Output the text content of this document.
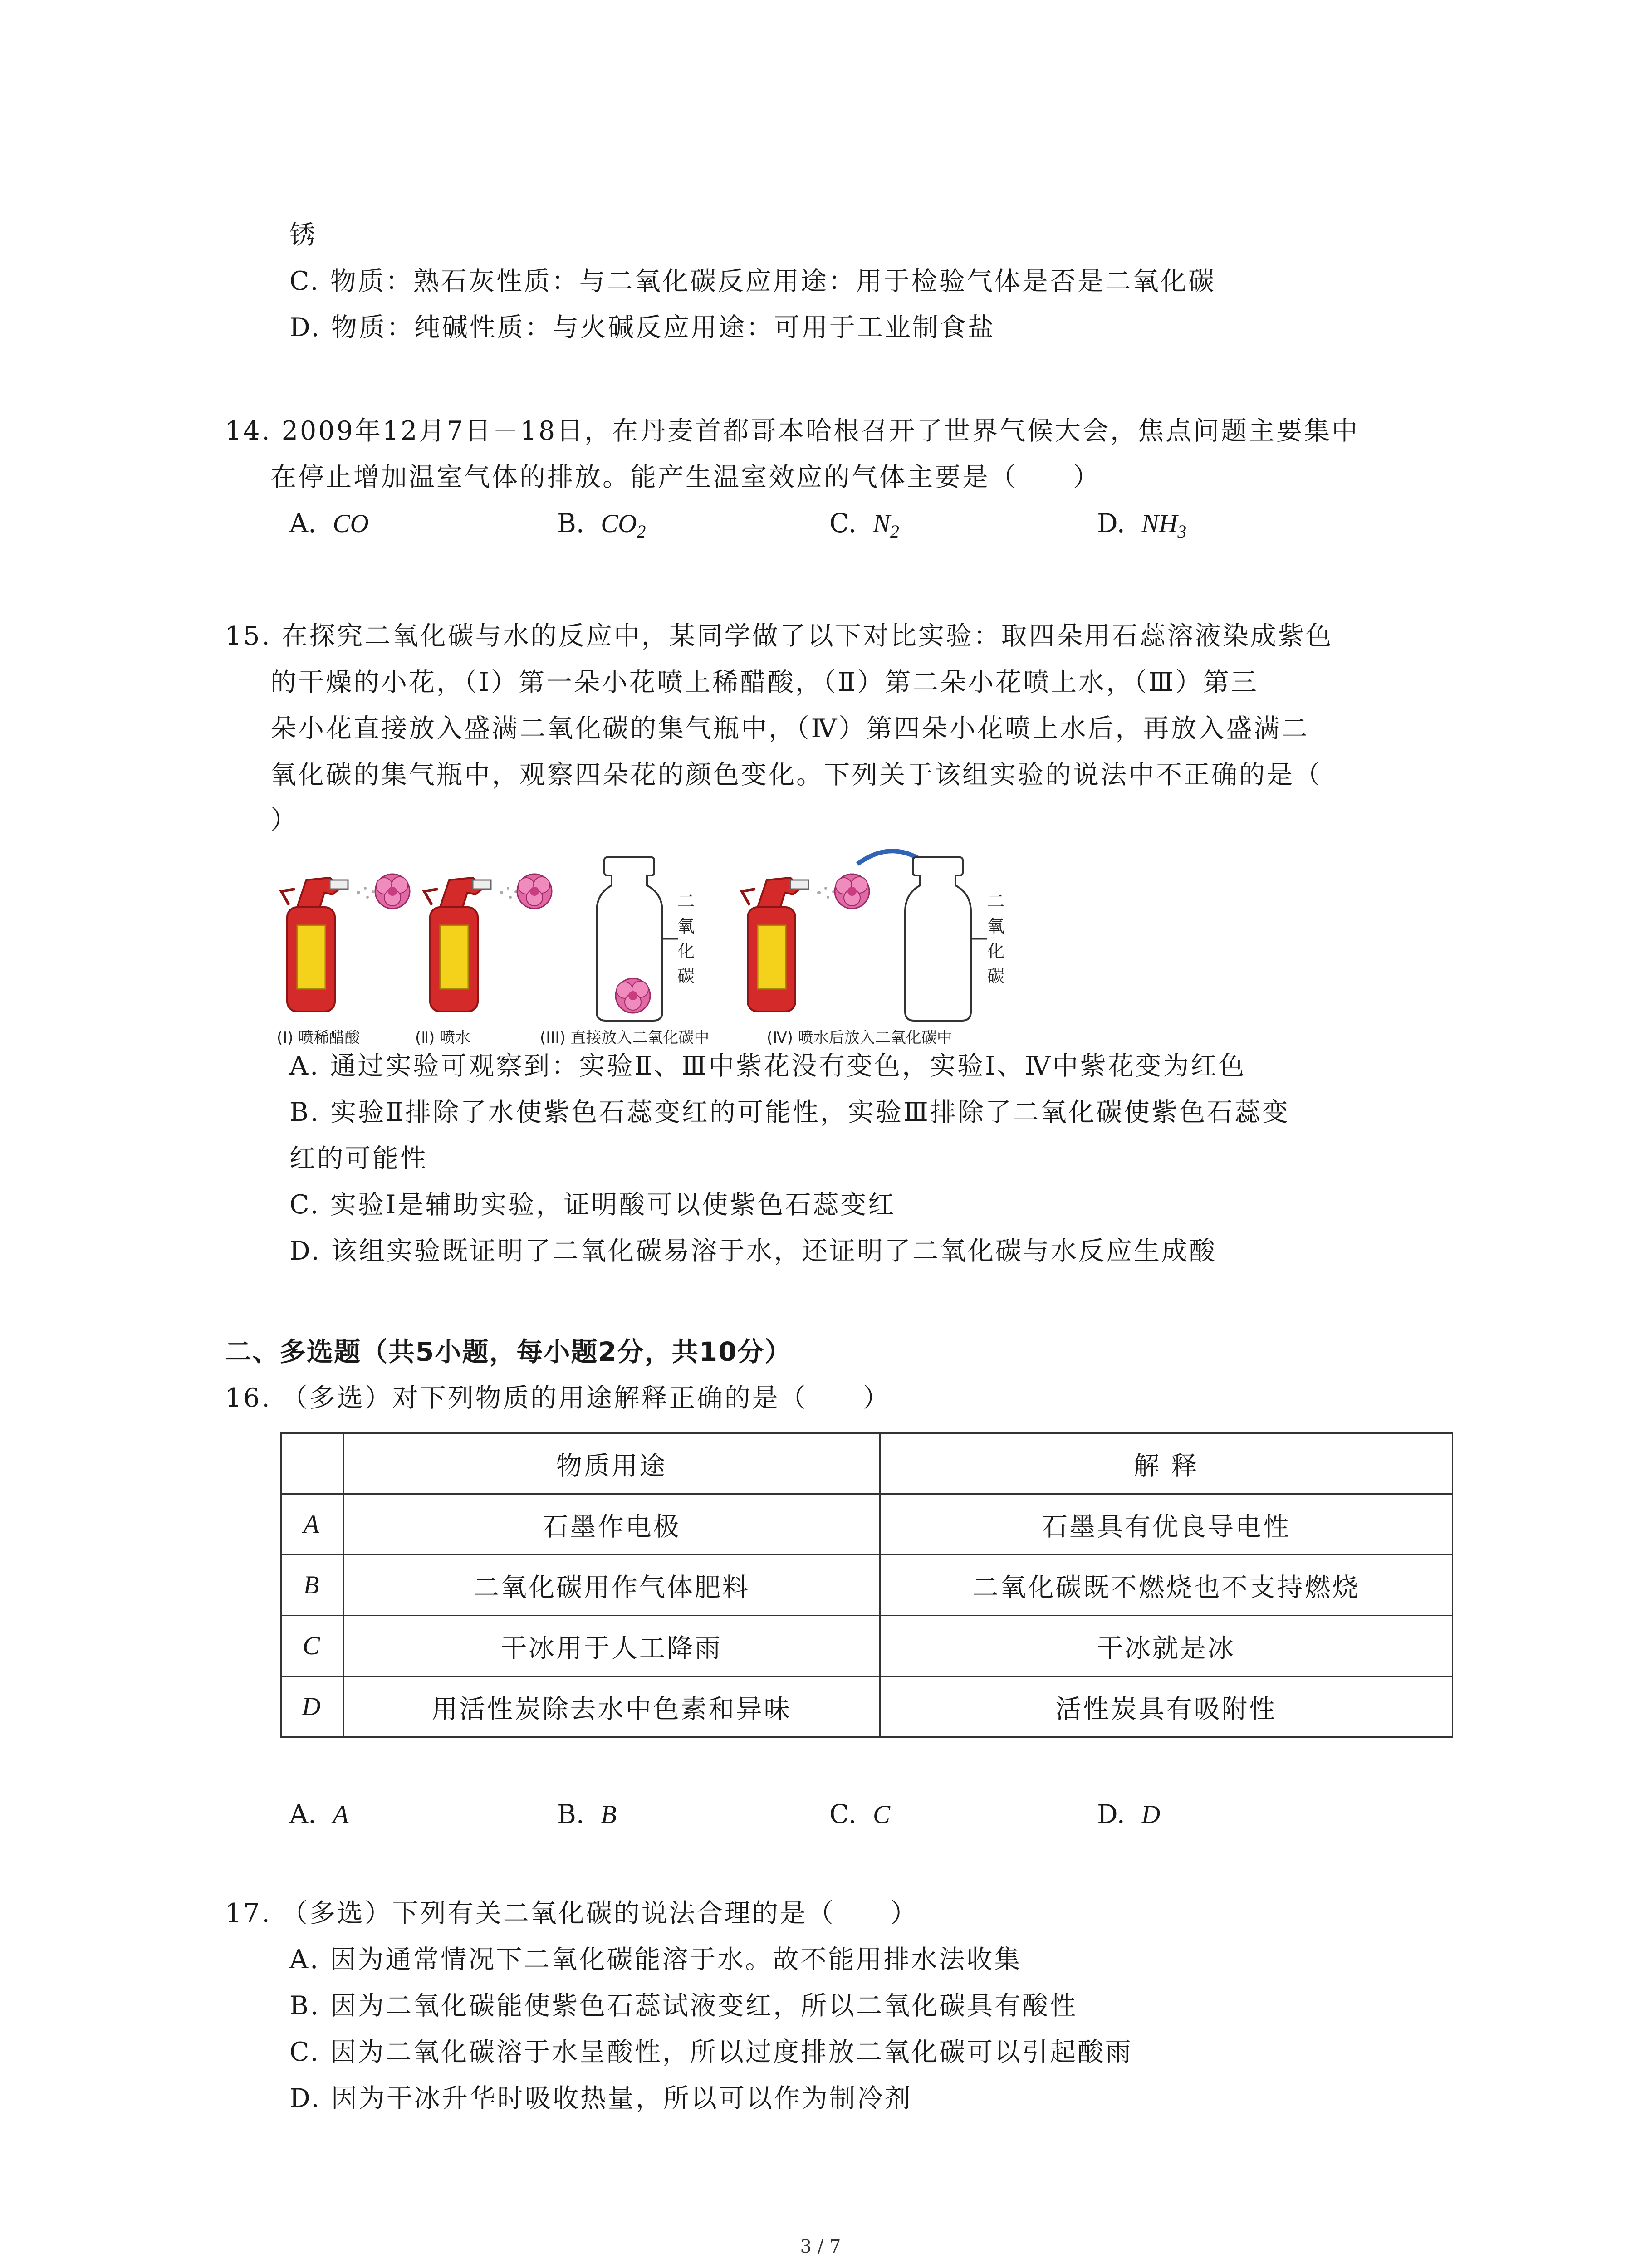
锈
C. 物质：熟石灰性质：与二氧化碳反应用途：用于检验气体是否是二氧化碳
D. 物质：纯碱性质：与火碱反应用途：可用于工业制食盐
14. 2009年12月7日－18日，在丹麦首都哥本哈根召开了世界气候大会，焦点问题主要集中
在停止增加温室气体的排放。能产生温室效应的气体主要是（　　）
A. CO	B. $CO_2$	C. $N_2$	D. $NH_3$
15. 在探究二氧化碳与水的反应中，某同学做了以下对比实验：取四朵用石蕊溶液染成紫色
的干燥的小花，（Ⅰ）第一朵小花喷上稀醋酸，（Ⅱ）第二朵小花喷上水，（Ⅲ）第三
朵小花直接放入盛满二氧化碳的集气瓶中，（Ⅳ）第四朵小花喷上水后，再放入盛满二
氧化碳的集气瓶中，观察四朵花的颜色变化。下列关于该组实验的说法中不正确的是（
）
二
氧
化
碳
二
氧
化
碳
(I) 喷稀醋酸	(Ⅱ) 喷水	(III) 直接放入二氧化碳中	(Ⅳ) 喷水后放入二氧化碳中
A. 通过实验可观察到：实验Ⅱ、Ⅲ中紫花没有变色，实验Ⅰ、Ⅳ中紫花变为红色
B. 实验Ⅱ排除了水使紫色石蕊变红的可能性，实验Ⅲ排除了二氧化碳使紫色石蕊变
红的可能性
C. 实验Ⅰ是辅助实验，证明酸可以使紫色石蕊变红
D. 该组实验既证明了二氧化碳易溶于水，还证明了二氧化碳与水反应生成酸
二、多选题（共5小题，每小题2分，共10分）
16. （多选）对下列物质的用途解释正确的是（　　）
	物质用途	解 释
A	石墨作电极	石墨具有优良导电性
B	二氧化碳用作气体肥料	二氧化碳既不燃烧也不支持燃烧
C	干冰用于人工降雨	干冰就是冰
D	用活性炭除去水中色素和异味	活性炭具有吸附性
A. A	B. B	C. C	D. D
17. （多选）下列有关二氧化碳的说法合理的是（　　）
A. 因为通常情况下二氧化碳能溶于水。故不能用排水法收集
B. 因为二氧化碳能使紫色石蕊试液变红，所以二氧化碳具有酸性
C. 因为二氧化碳溶于水呈酸性，所以过度排放二氧化碳可以引起酸雨
D. 因为干冰升华时吸收热量，所以可以作为制冷剂
3 / 7
